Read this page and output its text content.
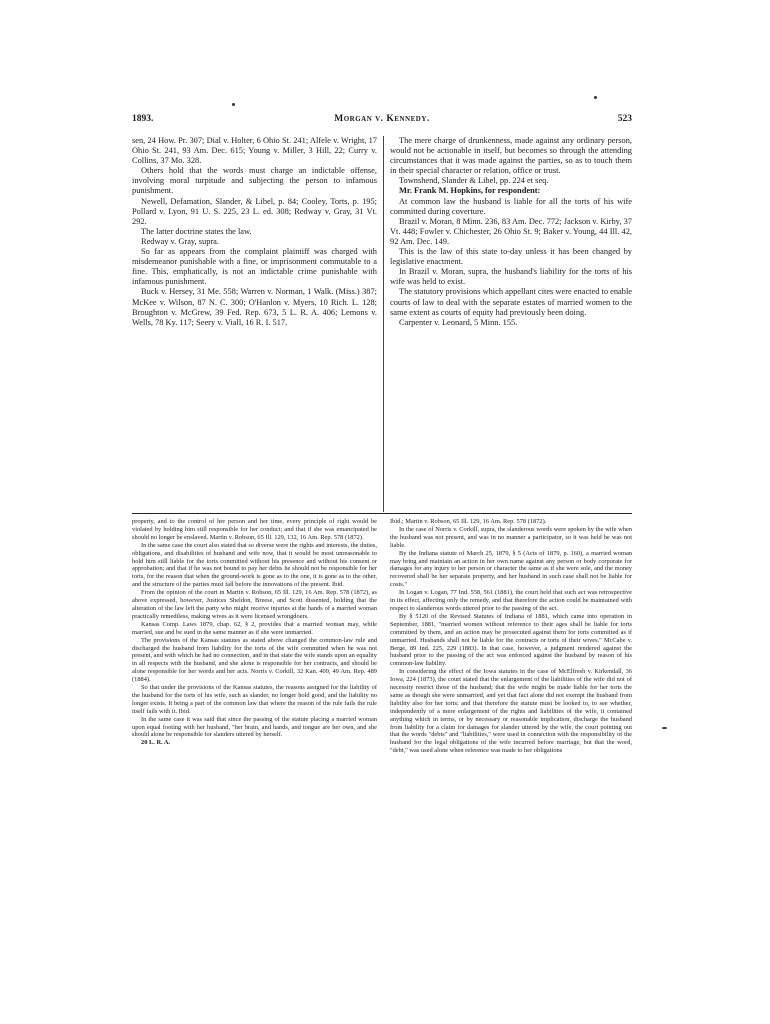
1893.	Morgan v. Kennedy.	523

sen, 24 How. Pr. 307; Dial v. Holter, 6 Ohio St. 241; Alfele v. Wright, 17 Ohio St. 241, 93 Am. Dec. 615; Young v. Miller, 3 Hill, 22; Curry v. Collins, 37 Mo. 328.

Others hold that the words must charge an indictable offense, involving moral turpitude and subjecting the person to infamous punishment.

Newell, Defamation, Slander, & Libel, p. 84; Cooley, Torts, p. 195; Pollard v. Lyon, 91 U. S. 225, 23 L. ed. 308; Redway v. Gray, 31 Vt. 292.

The latter doctrine states the law.

Redway v. Gray, supra.

So far as appears from the complaint plaintiff was charged with misdemeanor punishable with a fine, or imprisonment commutable to a fine. This, emphatically, is not an indictable crime punishable with infamous punishment.

Buck v. Hersey, 31 Me. 558; Warren v. Norman, 1 Walk. (Miss.) 387; McKee v. Wilson, 87 N. C. 300; O'Hanlon v. Myers, 10 Rich. L. 128; Broughton v. McGrew, 39 Fed. Rep. 673, 5 L. R. A. 406; Lemons v. Wells, 78 Ky. 117; Seery v. Viall, 16 R. I. 517.

The mere charge of drunkenness, made against any ordinary person, would not be actionable in itself, but becomes so through the attending circumstances that it was made against the parties, so as to touch them in their special character or relation, office or trust.

Townshend, Slander & Libel, pp. 224 et seq.

Mr. Frank M. Hopkins, for respondent:

At common law the husband is liable for all the torts of his wife committed during coverture.

Brazil v. Moran, 8 Minn. 236, 83 Am. Dec. 772; Jackson v. Kirby, 37 Vt. 448; Fowler v. Chichester, 26 Ohio St. 9; Baker v. Young, 44 Ill. 42, 92 Am. Dec. 149.

This is the law of this state to-day unless it has been changed by legislative enactment.

In Brazil v. Moran, supra, the husband's liability for the torts of his wife was held to exist.

The statutory provisions which appellant cites were enacted to enable courts of law to deal with the separate estates of married women to the same extent as courts of equity had previously been doing.

Carpenter v. Leonard, 5 Minn. 155.

property, and to the control of her person and her time, every principle of right would be violated by holding him still responsible for her conduct; and that if she was emancipated he should no longer be enslaved. Martin v. Robson, 65 Ill. 129, 132, 16 Am. Rep. 578 (1872).

In the same case the court also stated that so diverse were the rights and interests, the duties, obligations, and disabilities of husband and wife now, that it would be most unreasonable to hold him still liable for the torts committed without his presence and without his consent or approbation; and that if he was not bound to pay her debts he should not be responsible for her torts, for the reason that when the ground-work is gone as to the one, it is gone as to the other, and the structure of the parties must fall before the innovations of the present. Ibid.

From the opinion of the court in Martin v. Robson, 65 Ill. 129, 16 Am. Rep. 578 (1872), as above expressed, however, Justices Sheldon, Breese, and Scott dissented, holding that the alteration of the law left the party who might receive injuries at the hands of a married woman practically remediless, making wives as it were licensed wrongdoers.

Kansas Comp. Laws 1879, chap. 62, § 2, provides that a married woman may, while married, sue and be sued in the same manner as if she were unmarried.

The provisions of the Kansas statutes as stated above changed the common-law rule and discharged the husband from liability for the torts of the wife committed when he was not present, and with which he had no connection, and in that state the wife stands upon an equality in all respects with the husband, and she alone is responsible for her contracts, and should be alone responsible for her words and her acts. Norris v. Corkill, 32 Kan. 409, 49 Am. Rep. 489 (1884).

So that under the provisions of the Kansas statutes, the reasons assigned for the liability of the husband for the torts of his wife, such as slander, no longer hold good, and the liability no longer exists. It being a part of the common law that where the reason of the rule fails the rule itself fails with it. Ibid.

In the same case it was said that since the passing of the statute placing a married woman upon equal footing with her husband, "her brain, and hands, and tongue are her own, and she should alone be responsible for slanders uttered by herself.

20 L. R. A.

Ibid.; Martin v. Robson, 65 Ill. 129, 16 Am. Rep. 578 (1872).

In the case of Norris v. Corkill, supra, the slanderous words were spoken by the wife when the husband was not present, and was in no manner a participator, so it was held he was not liable.

By the Indiana statute of March 25, 1879, § 5 (Acts of 1879, p. 160), a married woman may bring and maintain an action in her own name against any person or body corporate for damages for any injury to her person or character the same as if she were sole, and the money recovered shall be her separate property, and her husband in such case shall not be liable for costs."

In Logan v. Logan, 77 Ind. 558, 561 (1881), the court held that such act was retrospective in its effect, affecting only the remedy, and that therefore the action could be maintained with respect to slanderous words uttered prior to the passing of the act.

By § 5120 of the Revised Statutes of Indiana of 1881, which came into operation in September, 1881, "married women without reference to their ages shall be liable for torts committed by them, and an action may be prosecuted against them for torts committed as if unmarried. Husbands shall not be liable for the contracts or torts of their wives." McCabe v. Berge, 89 Ind. 225, 229 (1883). In that case, however, a judgment rendered against the husband prior to the passing of the act was enforced against the husband by reason of his common-law liability.

In considering the effect of the Iowa statutes in the case of McElfresh v. Kirkendall, 36 Iowa, 224 (1873), the court stated that the enlargement of the liabilities of the wife did not of necessity restrict those of the husband; that the wife might be made liable for her torts the same as though she were unmarried, and yet that fact alone did not exempt the husband from liability also for her torts; and that therefore the statute must be looked to, to see whether, independently of a mere enlargement of the rights and liabilities of the wife, it contained anything which in terms, or by necessary or reasonable implication, discharge the husband from liability for a claim for damages for slander uttered by the wife, the court pointing out that the words "debts" and "liabilities," were used in connection with the responsibility of the husband for the legal obligations of the wife incurred before marriage, but that the word, "debt," was used alone when reference was made to her obligations
